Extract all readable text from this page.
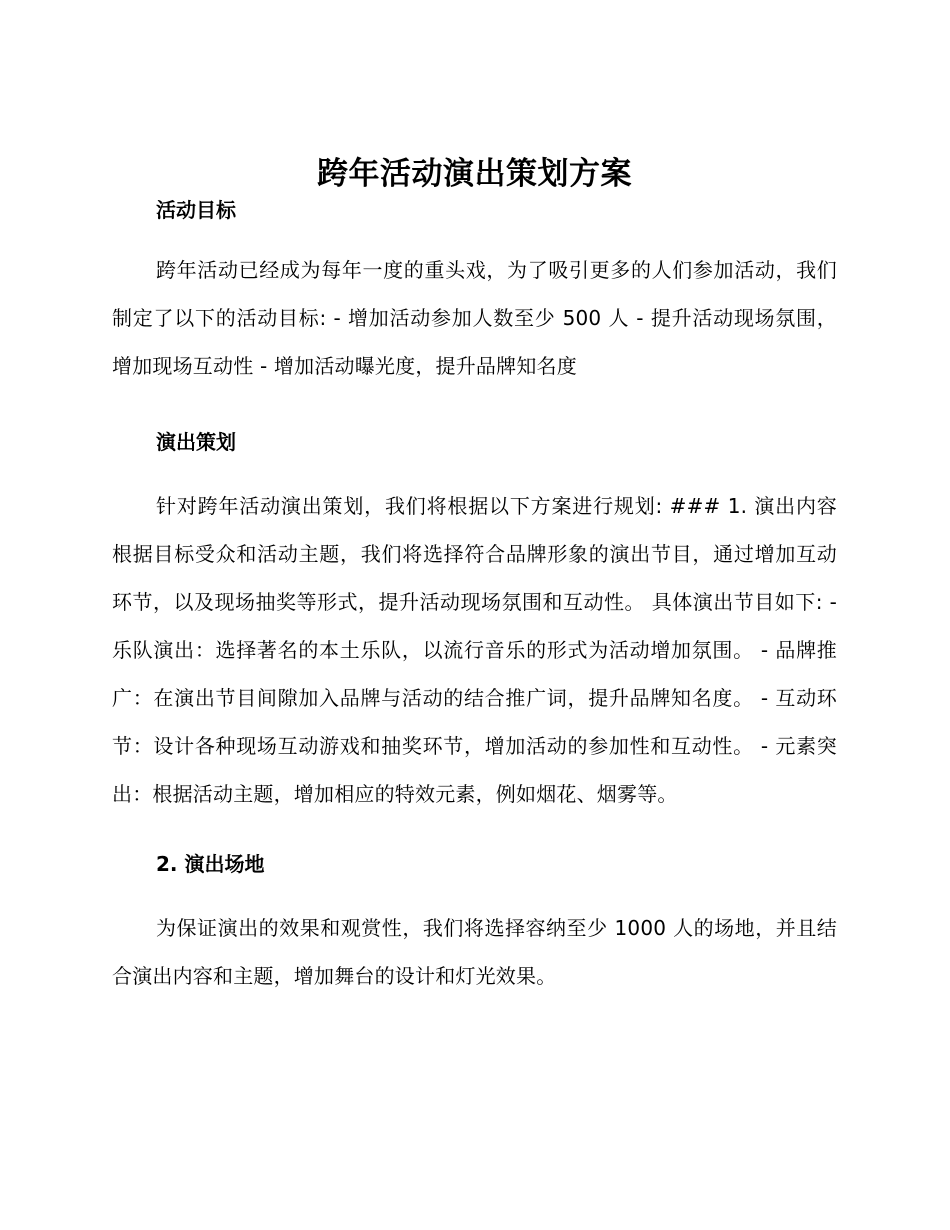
跨年活动演出策划方案
活动目标

跨年活动已经成为每年一度的重头戏，为了吸引更多的人们参加活动，我们制定了以下的活动目标: - 增加活动参加人数至少 500 人 - 提升活动现场氛围，增加现场互动性 - 增加活动曝光度，提升品牌知名度

演出策划

针对跨年活动演出策划，我们将根据以下方案进行规划: ### 1. 演出内容 根据目标受众和活动主题，我们将选择符合品牌形象的演出节目，通过增加互动环节，以及现场抽奖等形式，提升活动现场氛围和互动性。 具体演出节目如下: - 乐队演出：选择著名的本土乐队，以流行音乐的形式为活动增加氛围。 - 品牌推广：在演出节目间隙加入品牌与活动的结合推广词，提升品牌知名度。 - 互动环节：设计各种现场互动游戏和抽奖环节，增加活动的参加性和互动性。 - 元素突出：根据活动主题，增加相应的特效元素，例如烟花、烟雾等。

2. 演出场地

为保证演出的效果和观赏性，我们将选择容纳至少 1000 人的场地，并且结合演出内容和主题，增加舞台的设计和灯光效果。
